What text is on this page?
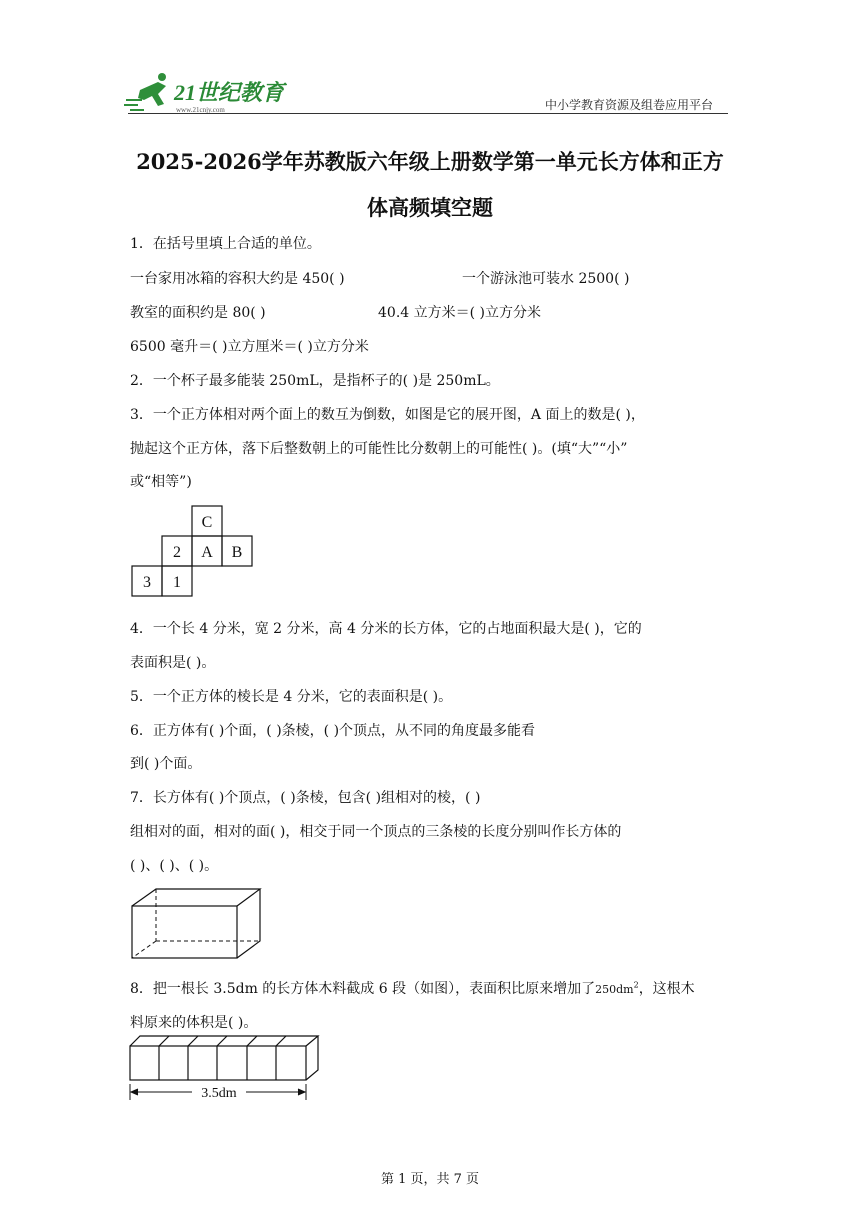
21世纪教育
www.21cnjy.com	中小学教育资源及组卷应用平台
2025-2026学年苏教版六年级上册数学第一单元长方体和正方
体高频填空题
1．在括号里填上合适的单位。
一台家用冰箱的容积大约是 450( )	一个游泳池可装水 2500( )
教室的面积约是 80( )	40.4 立方米＝( )立方分米
6500 毫升＝( )立方厘米＝( )立方分米
2．一个杯子最多能装 250mL，是指杯子的( )是 250mL。
3．一个正方体相对两个面上的数互为倒数，如图是它的展开图，A 面上的数是( )，
抛起这个正方体，落下后整数朝上的可能性比分数朝上的可能性( )。(填“大”“小”
或“相等”)
C
2 A B
3 1
4．一个长 4 分米，宽 2 分米，高 4 分米的长方体，它的占地面积最大是( )，它的
表面积是( )。
5．一个正方体的棱长是 4 分米，它的表面积是( )。
6．正方体有( )个面，( )条棱，( )个顶点，从不同的角度最多能看
到( )个面。
7．长方体有( )个顶点，( )条棱，包含( )组相对的棱，( )
组相对的面，相对的面( )，相交于同一个顶点的三条棱的长度分别叫作长方体的
( )、( )、( )。
8．把一根长 3.5dm 的长方体木料截成 6 段（如图），表面积比原来增加了$250dm^2$，这根木
料原来的体积是( )。
3.5dm
第 1 页，共 7 页
